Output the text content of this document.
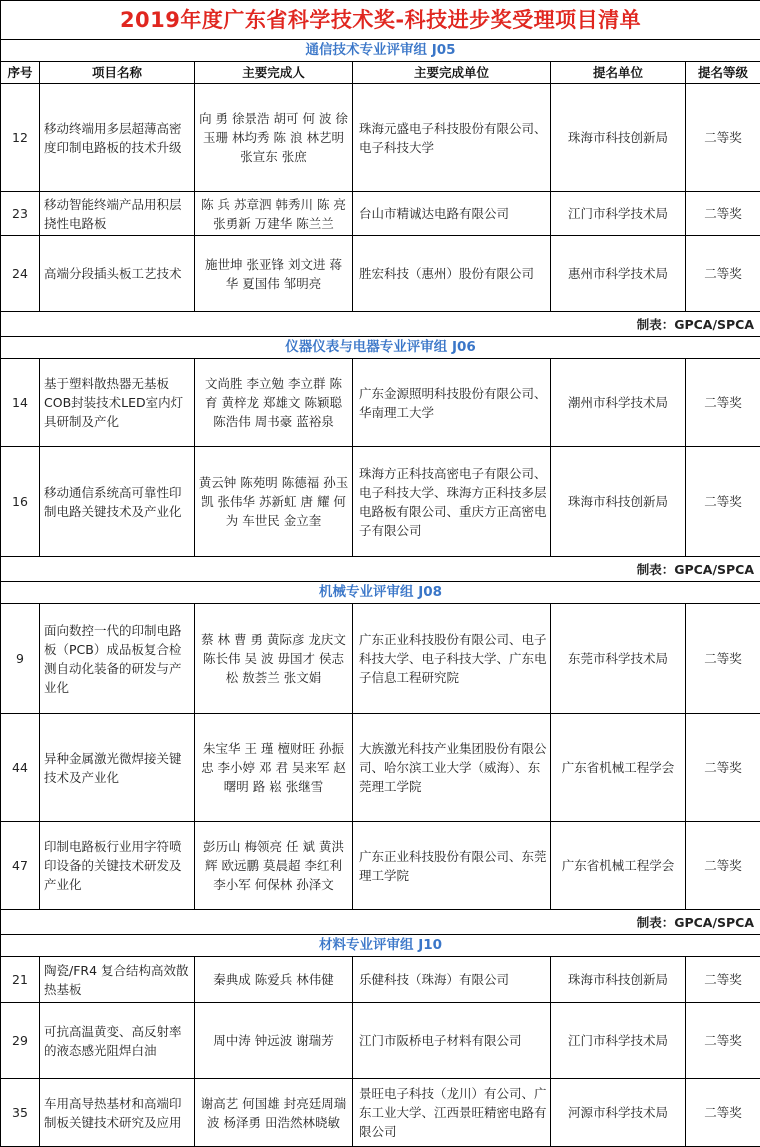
2019年度广东省科学技术奖-科技进步奖受理项目清单					
通信技术专业评审组 J05					
序号	项目名称	主要完成人	主要完成单位	提名单位	提名等级
12	移动终端用多层超薄高密度印制电路板的技术升级	向 勇 徐景浩 胡可 何 波 徐玉珊 林均秀 陈 浪 林艺明 张宣东 张庶	珠海元盛电子科技股份有限公司、电子科技大学	珠海市科技创新局	二等奖
23	移动智能终端产品用积层挠性电路板	陈 兵 苏章泗 韩秀川 陈 亮 张勇新 万建华 陈兰兰	台山市精诚达电路有限公司	江门市科学技术局	二等奖
24	高端分段插头板工艺技术	施世坤 张亚锋 刘文进 蒋 华 夏国伟 邹明亮	胜宏科技（惠州）股份有限公司	惠州市科学技术局	二等奖
制表：GPCA/SPCA					
仪器仪表与电器专业评审组 J06					
14	基于塑料散热器无基板COB封装技术LED室内灯具研制及产化	文尚胜 李立勉 李立群 陈 育 黄梓龙 郑雄文 陈颖聪 陈浩伟 周书豪 蓝裕泉	广东金源照明科技股份有限公司、华南理工大学	潮州市科学技术局	二等奖
16	移动通信系统高可靠性印制电路关键技术及产业化	黄云钟 陈苑明 陈德福 孙玉凯 张伟华 苏新虹 唐 耀 何为 车世民 金立奎	珠海方正科技高密电子有限公司、电子科技大学、珠海方正科技多层电路板有限公司、重庆方正高密电子有限公司	珠海市科技创新局	二等奖
制表：GPCA/SPCA					
机械专业评审组 J08					
9	面向数控一代的印制电路板（PCB）成品板复合检测自动化装备的研发与产业化	蔡 林 曹 勇 黄际彦 龙庆文 陈长伟 吴 波 毋国才 侯志松 敖荟兰 张文娟	广东正业科技股份有限公司、电子科技大学、电子科技大学、广东电子信息工程研究院	东莞市科学技术局	二等奖
44	异种金属激光微焊接关键技术及产业化	朱宝华 王 瑾 檀财旺 孙振忠 李小婷 邓 君 吴来军 赵曙明 路 崧 张继雪	大族激光科技产业集团股份有限公司、哈尔滨工业大学（威海）、东莞理工学院	广东省机械工程学会	二等奖
47	印制电路板行业用字符喷印设备的关键技术研发及产业化	彭历山 梅领亮 任 斌 黄洪辉 欧远鹏 莫晨超 李红利 李小军 何保林 孙泽文	广东正业科技股份有限公司、东莞理工学院	广东省机械工程学会	二等奖
制表：GPCA/SPCA					
材料专业评审组 J10					
21	陶瓷/FR4 复合结构高效散热基板	秦典成 陈爱兵 林伟健	乐健科技（珠海）有限公司	珠海市科技创新局	二等奖
29	可抗高温黄变、高反射率的液态感光阻焊白油	周中涛 钟远波 谢瑞芳	江门市阪桥电子材料有限公司	江门市科学技术局	二等奖
35	车用高导热基材和高端印制板关键技术研究及应用	谢高艺 何国雄 封亮廷周瑞 波 杨泽勇 田浩然林晓敏	景旺电子科技（龙川）有公司、广东工业大学、江西景旺精密电路有限公司	河源市科学技术局	二等奖
